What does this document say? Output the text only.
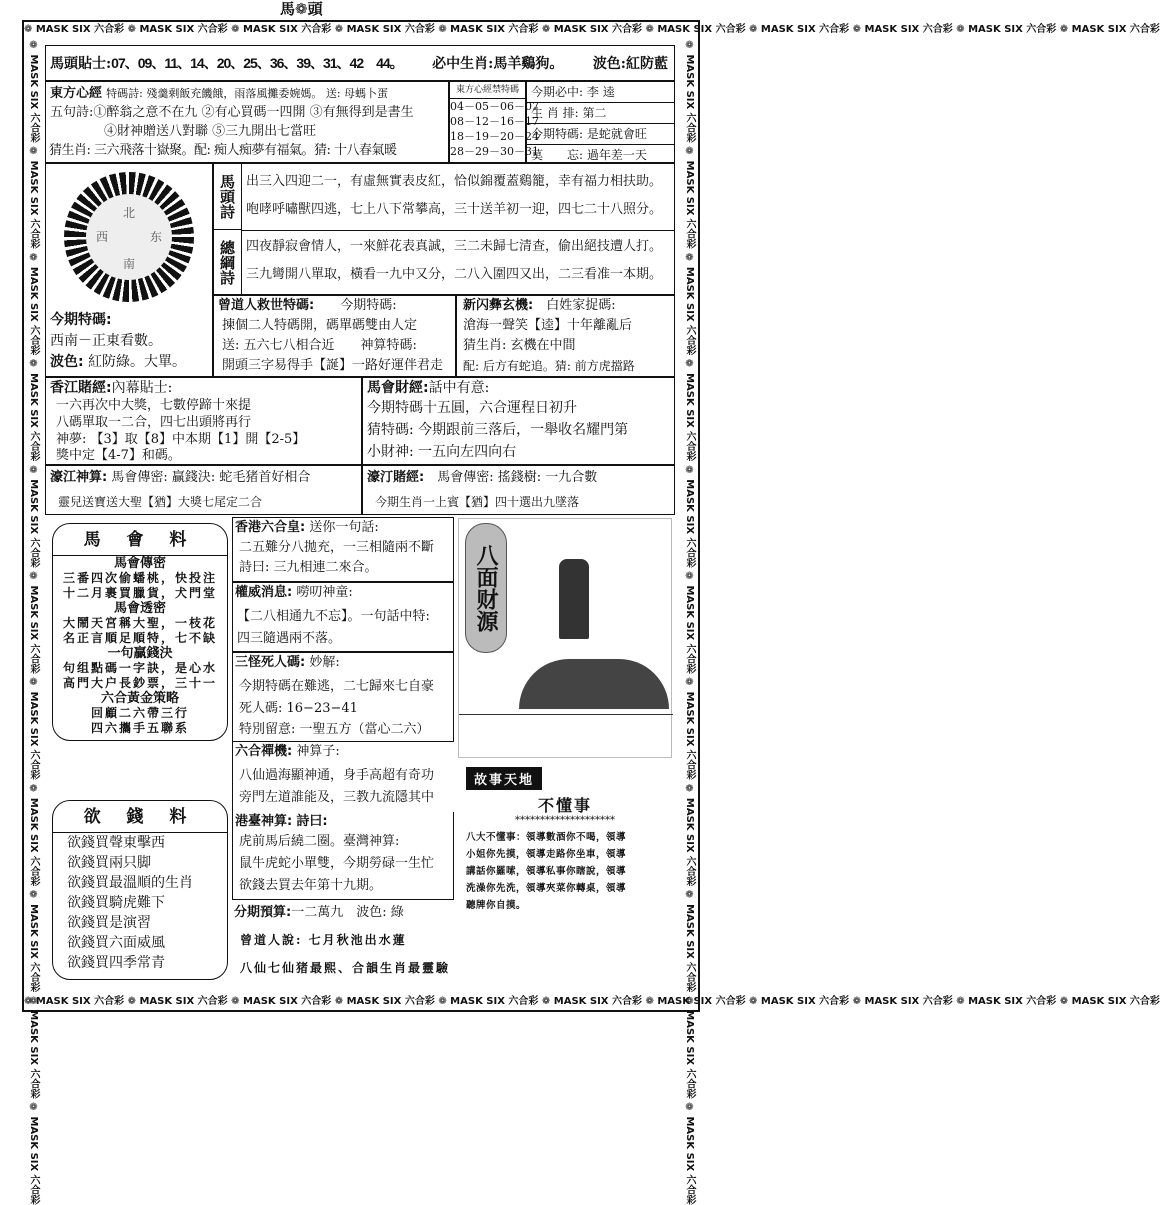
❁ MASK SIX 六合彩 ❁ MASK SIX 六合彩 ❁ MASK SIX 六合彩 ❁ MASK SIX 六合彩 ❁ MASK SIX 六合彩 ❁ MASK SIX 六合彩 ❁ MASK SIX 六合彩 ❁ MASK SIX 六合彩 ❁ MASK SIX 六合彩 ❁ MASK SIX 六合彩 ❁ MASK SIX 六合彩
馬❁頭
❁ MASK SIX 六合彩 ❁ MASK SIX 六合彩 ❁ MASK SIX 六合彩 ❁ MASK SIX 六合彩 ❁ MASK SIX 六合彩 ❁ MASK SIX 六合彩 ❁ MASK SIX 六合彩 ❁ MASK SIX 六合彩 ❁ MASK SIX 六合彩 ❁ MASK SIX 六合彩 ❁ MASK SIX 六合彩
❁ MASK SIX 六合彩 ❁ MASK SIX 六合彩 ❁ MASK SIX 六合彩 ❁ MASK SIX 六合彩 ❁ MASK SIX 六合彩 ❁ MASK SIX 六合彩 ❁ MASK SIX 六合彩 ❁ MASK SIX 六合彩 ❁ MASK SIX 六合彩 ❁ MASK SIX 六合彩 ❁ MASK SIX 六合彩	❁ MASK SIX 六合彩 ❁ MASK SIX 六合彩 ❁ MASK SIX 六合彩 ❁ MASK SIX 六合彩 ❁ MASK SIX 六合彩 ❁ MASK SIX 六合彩 ❁ MASK SIX 六合彩 ❁ MASK SIX 六合彩 ❁ MASK SIX 六合彩 ❁ MASK SIX 六合彩 ❁ MASK SIX 六合彩
馬頭貼士:07、09、11、14、20、25、36、39、31、42　44。 必中生肖:馬羊鷄狗。 波色:紅防藍
東方心經 特碼詩: 殘羹剩飯充饑餓，雨落風攤委婉媽。 送: 母螞卜蛋
五句詩:①醉翁之意不在九 ②有心買碼一四開 ③有無得到是書生
④財神贈送八對聯 ⑤三九開出七當旺
猜生肖: 三六飛落十嶽聚。配: 痴人痴夢有福氣。猜: 十八春氣暖
東方心經禁特碼
04－05－06－07
08－12－16－17
18－19－20－24
28－29－30－31
今期必中: 李 逵
生 肖 排: 第二
今期特碼: 是蛇就會旺
莫　　忘: 過年差一天
北
西	东
南
今期特碼:
西南－正東看數。
波色: 紅防綠。大單。
馬頭詩 出三入四迎二一，有虛無實表皮紅，恰似錦覆蓋鷄籠，幸有福力相扶助。
咆哮呼嘯獸四逃，七上八下常攀高，三十送羊初一迎，四七二十八照分。
總綱詩 四夜靜寂會情人，一來鮮花表真誠，三二未歸七清查，偷出絕技遭人打。
三九彎開八單取，橫看一九中又分，二八入圍四又出，二三看准一本期。
曾道人救世特碼:　　 今期特碼:
揀個二人特碼開，碼單碼雙由人定
送: 五六七八相合近　　 神算特碼:
開頭三字易得手【誕】一路好運伴君走
新闪彝玄機:　 白姓家捉碼:
滄海一聲笑【逵】十年離亂后
猜生肖: 玄機在中間
配: 后方有蛇追。猜: 前方虎擋路
香江賭經:內幕貼士:
一六再次中大獎，七數停蹄十來提
八碼單取一二合，四七出頭將再行
神夢: 【3】取【8】中本期【1】開【2-5】
獎中定【4-7】和碼。
馬會財經:話中有意:
今期特碼十五圓，六合運程日初升
猜特碼: 今期跟前三落后，一舉收名耀門第
小財神: 一五向左四向右
濠江神算: 馬會傳密: 贏錢決: 蛇毛猪首好相合
靈兒送寶送大聖【猶】大獎七尾定二合
濠汀賭經:　 馬會傳密: 搖錢樹: 一九合數
今期生肖一上賓【猶】四十選出九墜落
馬 會 料
馬會傳密
三番四次偷蟠桃，快投注
十二月裹買臘貨，犬門堂
馬會透密
大鬧天宮稱大聖，一枝花
名正言順足順特，七不缺
一句贏錢決
句组點碼一字訣，是心水
高門大户長鈔票，三十一
六合黃金策略
回顧二六帶三行
四六攜手五聯系
欲 錢 料
欲錢買聲東擊西
欲錢買兩只脚
欲錢買最溫順的生肖
欲錢買騎虎難下
欲錢買是演習
欲錢買六面威風
欲錢買四季常青
香港六合皇: 送你一句話:
二五難分八拋充，一三相隨兩不斷
詩曰: 三九相連二來合。
權威消息: 嘮叨神童:
【二八相通九不忘】。一句話中特:
四三隨遇兩不落。
三怪死人碼: 妙解:
今期特碼在難逃，二七歸來七自豪
死人碼: 16−23−41
特別留意: 一聖五方（當心二六）
六合禪機: 神算子:
八仙過海顯神通，身手高超有奇功
旁門左道誰能及，三教九流隱其中
港臺神算: 詩曰:
虎前馬后繞二圈。臺灣神算:
鼠牛虎蛇小單雙，今期勞碌一生忙
欲錢去買去年第十九期。
分期預算:一二萬九　波色: 綠
曾道人說: 七月秋池出水蓮
八仙七仙猪最熙、合韻生肖最靈驗
八面财源
故事天地
不懂事
********************
八大不懂事：領導數酒你不喝，領導
小姐你先摸，領導走路你坐車，領導
講話你羅嗦，領導私事你瞎說，領導
洗澡你先洗，領導夾菜你轉桌，領導
聽牌你自摸。
